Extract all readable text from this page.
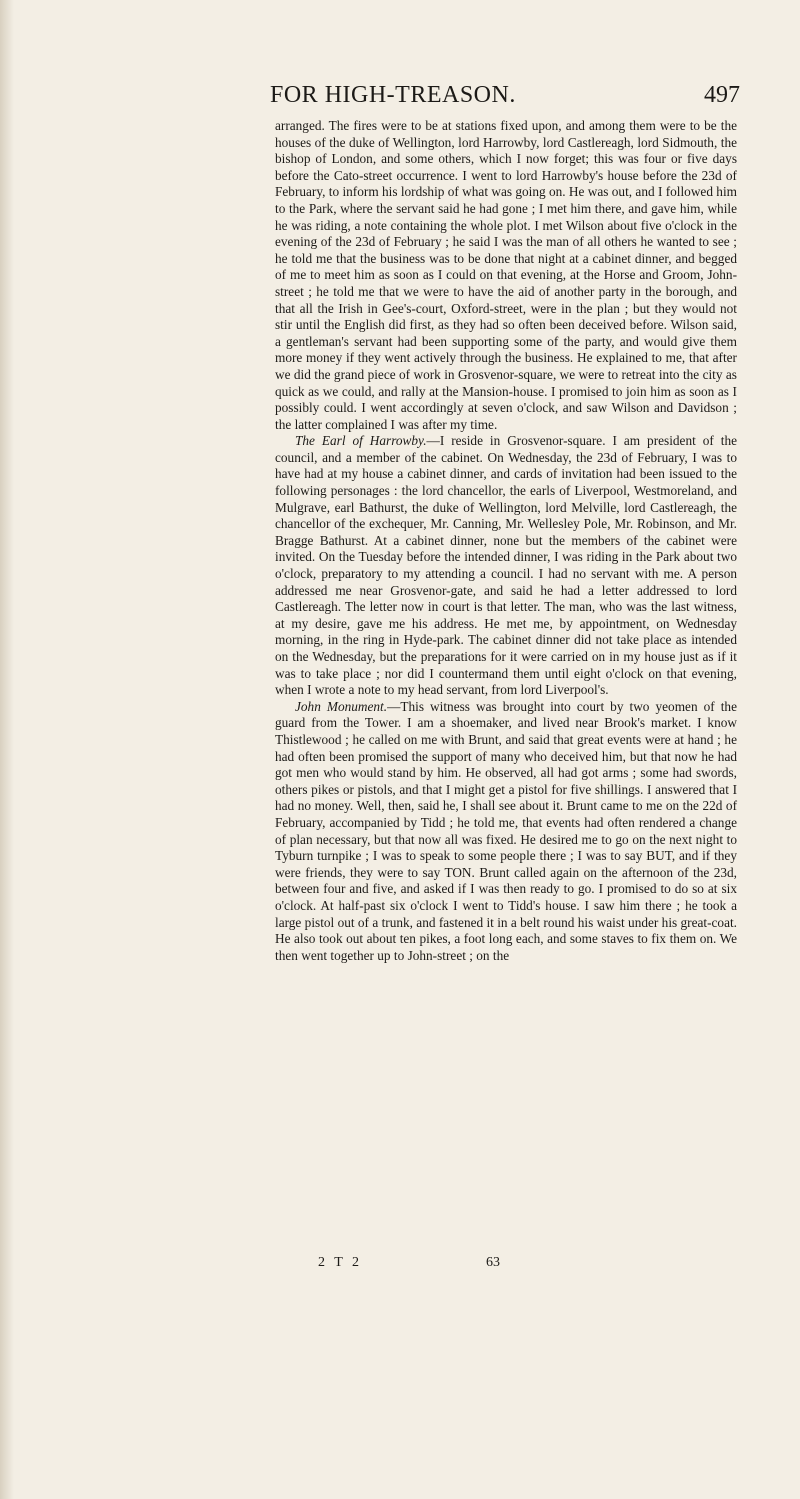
FOR HIGH-TREASON.	497

arranged. The fires were to be at stations fixed upon, and among them were to be the houses of the duke of Wellington, lord Harrowby, lord Castlereagh, lord Sidmouth, the bishop of London, and some others, which I now forget; this was four or five days before the Cato-street occurrence. I went to lord Harrowby's house before the 23d of February, to inform his lordship of what was going on. He was out, and I followed him to the Park, where the servant said he had gone ; I met him there, and gave him, while he was riding, a note containing the whole plot. I met Wilson about five o'clock in the evening of the 23d of February ; he said I was the man of all others he wanted to see ; he told me that the business was to be done that night at a cabinet dinner, and begged of me to meet him as soon as I could on that evening, at the Horse and Groom, John-street ; he told me that we were to have the aid of another party in the borough, and that all the Irish in Gee's-court, Oxford-street, were in the plan ; but they would not stir until the English did first, as they had so often been deceived before. Wilson said, a gentleman's servant had been supporting some of the party, and would give them more money if they went actively through the business. He explained to me, that after we did the grand piece of work in Grosvenor-square, we were to retreat into the city as quick as we could, and rally at the Mansion-house. I promised to join him as soon as I possibly could. I went accordingly at seven o'clock, and saw Wilson and Davidson ; the latter complained I was after my time.

The Earl of Harrowby.—I reside in Grosvenor-square. I am president of the council, and a member of the cabinet. On Wednesday, the 23d of February, I was to have had at my house a cabinet dinner, and cards of invitation had been issued to the following personages : the lord chancellor, the earls of Liverpool, Westmoreland, and Mulgrave, earl Bathurst, the duke of Wellington, lord Melville, lord Castlereagh, the chancellor of the exchequer, Mr. Canning, Mr. Wellesley Pole, Mr. Robinson, and Mr. Bragge Bathurst. At a cabinet dinner, none but the members of the cabinet were invited. On the Tuesday before the intended dinner, I was riding in the Park about two o'clock, preparatory to my attending a council. I had no servant with me. A person addressed me near Grosvenor-gate, and said he had a letter addressed to lord Castlereagh. The letter now in court is that letter. The man, who was the last witness, at my desire, gave me his address. He met me, by appointment, on Wednesday morning, in the ring in Hyde-park. The cabinet dinner did not take place as intended on the Wednesday, but the preparations for it were carried on in my house just as if it was to take place ; nor did I countermand them until eight o'clock on that evening, when I wrote a note to my head servant, from lord Liverpool's.

John Monument.—This witness was brought into court by two yeomen of the guard from the Tower. I am a shoemaker, and lived near Brook's market. I know Thistlewood ; he called on me with Brunt, and said that great events were at hand ; he had often been promised the support of many who deceived him, but that now he had got men who would stand by him. He observed, all had got arms ; some had swords, others pikes or pistols, and that I might get a pistol for five shillings. I answered that I had no money. Well, then, said he, I shall see about it. Brunt came to me on the 22d of February, accompanied by Tidd ; he told me, that events had often rendered a change of plan necessary, but that now all was fixed. He desired me to go on the next night to Tyburn turnpike ; I was to speak to some people there ; I was to say BUT, and if they were friends, they were to say TON. Brunt called again on the afternoon of the 23d, between four and five, and asked if I was then ready to go. I promised to do so at six o'clock. At half-past six o'clock I went to Tidd's house. I saw him there ; he took a large pistol out of a trunk, and fastened it in a belt round his waist under his great-coat. He also took out about ten pikes, a foot long each, and some staves to fix them on. We then went together up to John-street ; on the

2 T 2	63
